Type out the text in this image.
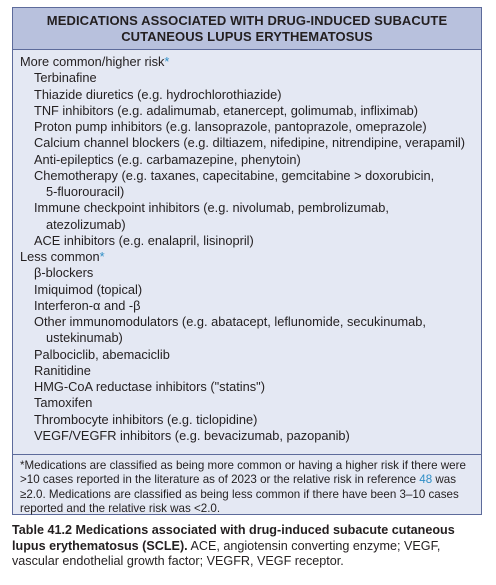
MEDICATIONS ASSOCIATED WITH DRUG-INDUCED SUBACUTE
CUTANEOUS LUPUS ERYTHEMATOSUS
More common/higher risk*
Terbinafine
Thiazide diuretics (e.g. hydrochlorothiazide)
TNF inhibitors (e.g. adalimumab, etanercept, golimumab, infliximab)
Proton pump inhibitors (e.g. lansoprazole, pantoprazole, omeprazole)
Calcium channel blockers (e.g. diltiazem, nifedipine, nitrendipine, verapamil)
Anti-epileptics (e.g. carbamazepine, phenytoin)
Chemotherapy (e.g. taxanes, capecitabine, gemcitabine > doxorubicin,
5-fluorouracil)
Immune checkpoint inhibitors (e.g. nivolumab, pembrolizumab,
atezolizumab)
ACE inhibitors (e.g. enalapril, lisinopril)
Less common*
β-blockers
Imiquimod (topical)
Interferon-α and -β
Other immunomodulators (e.g. abatacept, leflunomide, secukinumab,
ustekinumab)
Palbociclib, abemaciclib
Ranitidine
HMG-CoA reductase inhibitors ("statins")
Tamoxifen
Thrombocyte inhibitors (e.g. ticlopidine)
VEGF/VEGFR inhibitors (e.g. bevacizumab, pazopanib)
*Medications are classified as being more common or having a higher risk if there were >10 cases reported in the literature as of 2023 or the relative risk in reference 48 was ≥2.0. Medications are classified as being less common if there have been 3–10 cases reported and the relative risk was <2.0.
Table 41.2 Medications associated with drug-induced subacute cutaneous lupus erythematosus (SCLE). ACE, angiotensin converting enzyme; VEGF, vascular endothelial growth factor; VEGFR, VEGF receptor.
